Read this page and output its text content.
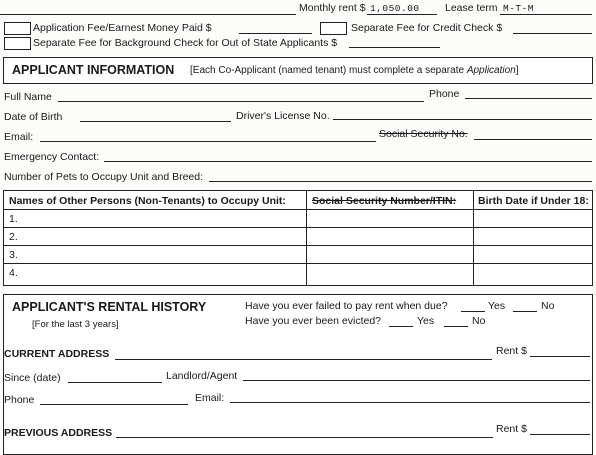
Monthly rent $ 1,050.00 Lease term M-T-M
Application Fee/Earnest Money Paid $	Separate Fee for Credit Check $
Separate Fee for Background Check for Out of State Applicants $
APPLICANT INFORMATION [Each Co-Applicant (named tenant) must complete a separate Application]
Full Name	Phone
Date of Birth	Driver's License No.
Email:	Social Security No.
Emergency Contact:
Number of Pets to Occupy Unit and Breed:
Names of Other Persons (Non-Tenants) to Occupy Unit: Social Security Number/ITIN: Birth Date if Under 18:
1.
2.
3.
4.
APPLICANT'S RENTAL HISTORY
[For the last 3 years]
Have you ever failed to pay rent when due?	Yes	No
Have you ever been evicted?	Yes	No
CURRENT ADDRESS	Rent $
Since (date)	Landlord/Agent
Phone	Email:
PREVIOUS ADDRESS	Rent $
